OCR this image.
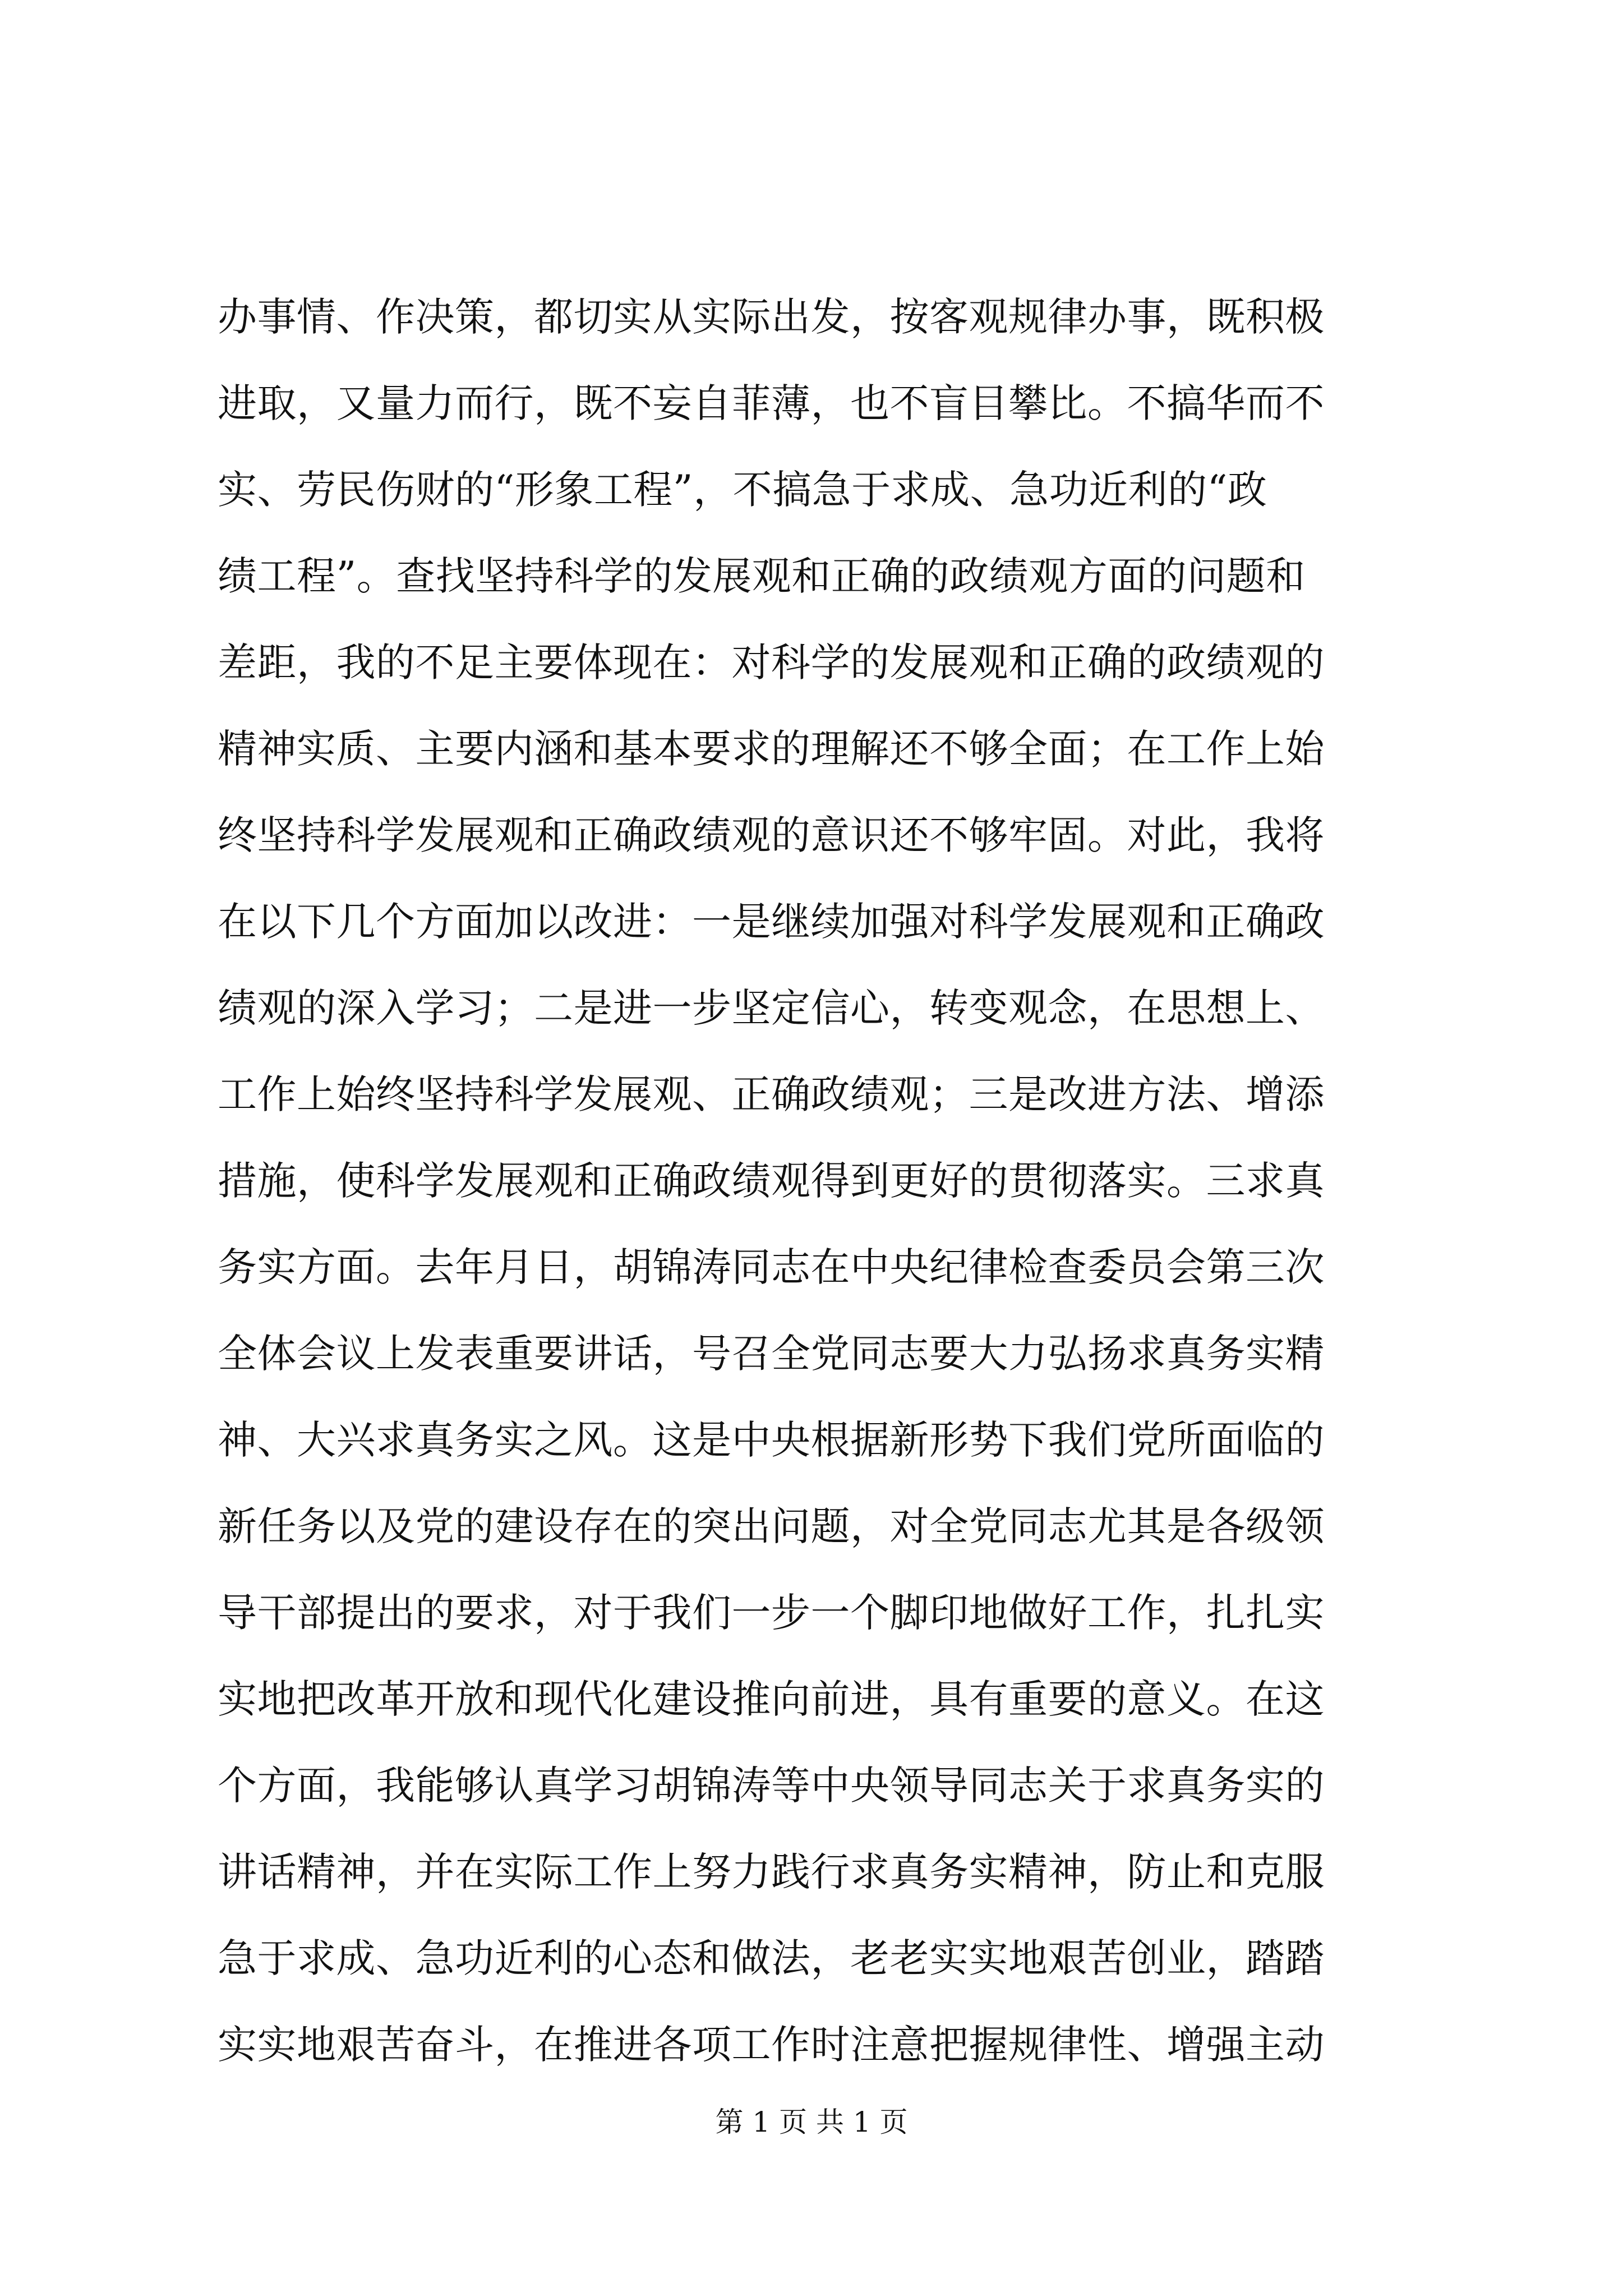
办事情、作决策，都切实从实际出发，按客观规律办事，既积极
进取，又量力而行，既不妄自菲薄，也不盲目攀比。不搞华而不
实、劳民伤财的“形象工程”，不搞急于求成、急功近利的“政
绩工程”。查找坚持科学的发展观和正确的政绩观方面的问题和
差距，我的不足主要体现在：对科学的发展观和正确的政绩观的
精神实质、主要内涵和基本要求的理解还不够全面；在工作上始
终坚持科学发展观和正确政绩观的意识还不够牢固。对此，我将
在以下几个方面加以改进：一是继续加强对科学发展观和正确政
绩观的深入学习；二是进一步坚定信心，转变观念，在思想上、
工作上始终坚持科学发展观、正确政绩观；三是改进方法、增添
措施，使科学发展观和正确政绩观得到更好的贯彻落实。三求真
务实方面。去年月日，胡锦涛同志在中央纪律检查委员会第三次
全体会议上发表重要讲话，号召全党同志要大力弘扬求真务实精
神、大兴求真务实之风。这是中央根据新形势下我们党所面临的
新任务以及党的建设存在的突出问题，对全党同志尤其是各级领
导干部提出的要求，对于我们一步一个脚印地做好工作，扎扎实
实地把改革开放和现代化建设推向前进，具有重要的意义。在这
个方面，我能够认真学习胡锦涛等中央领导同志关于求真务实的
讲话精神，并在实际工作上努力践行求真务实精神，防止和克服
急于求成、急功近利的心态和做法，老老实实地艰苦创业，踏踏
实实地艰苦奋斗，在推进各项工作时注意把握规律性、增强主动
第 1 页 共 1 页
